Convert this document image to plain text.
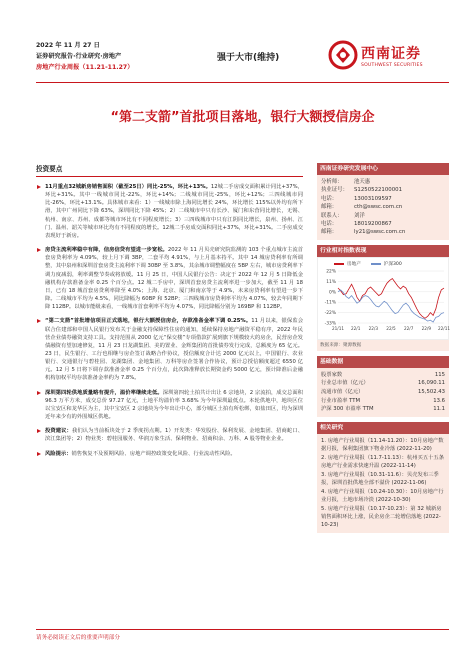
2022 年 11 月 27 日
证券研究报告·行业研究·房地产
房地产行业周报（11.21-11.27）
强于大市(维持)	西南证券
SOUTHWEST SECURITIES
“第二支箭”首批项目落地，银行大额授信房企
投资要点
11月重点32城新房销售面积（截至25日）同比-25%，环比+13%。12城二手房成交面积累计同比+37%，环比+31%。其中一线城市同比-22%，环比+14%；二线城市同比-25%，环比+12%；三四线城市同比-26%，环比+13.1%。具体城市来看：1）一线城市除上海同比增长 24%，环比增长 115%以外均有所下滑，其中广州同比下降 63%，深圳同比下降 45%；2）二线城市中只有长沙、厦门和东营同比增长，无锡、杭州、南京、苏州、成都等城市环比有不同程度增长；3）三四线城市中只有江阴同比增长，泉州、扬州、江门、温州、韶关等城市环比均有不同程度的增长。12城二手房成交面积同比+37%，环比+31%。二手房成交表现好于新房。
房贷主流利率稳中有降，信房信贷有望进一步宽松。2022 年 11 月贝壳研究院监测的 103 个重点城市主流首套房贷利率为 4.09%，较上月下调 3BP，二套平均 4.91%，与上月基本持平。其中 14 城房贷利率有所调整，其中泉州和深圳首套房贷主流利率下调 30BP 至 3.8%，其余城市调整幅度在 5BP 左右，城市房贷利率下调力度减弱，利率调整节奏或将放缓。11 月 25 日，中国人民银行公告：决定于 2022 年 12 月 5 日降低金融机构存款准备金率 0.25 个百分点。12 城二手房中，深圳首套房贷主流利率进一步加大，截至 11 月 18 日，已有 18 城首套房贷利率降至 4.0%；上海、北京、厦门和南京等于 4.9%，未来房贷利率有望进一步下降。二线城市平均为 4.5%，同比降幅为 60BP 和 52BP；三四线城市房贷利率平均为 4.07%，较去年同期下降 112BP。以城市能级来看，一线城市首套利率平均为 4.07%，同比降幅分别为 169BP 和 112BP。
“第二支箭”首批增信项目正式落地，银行大额授信房企，存款准备金率下调 0.25%。11 月以来，银保监会联合住建部和中国人民银行发布关于金融支持保障性住房的通知，延续保持房地产融资平稳有序，2022 年民营企业债券融资支持工具。支持范围从 2000 亿元“保交楼”专项借款扩展到旗下规模较大的房企，民营房企发债融资有望加速修复，11 月 23 日龙湖集团、美的置业、金辉集团的首批债券发行完成，总额度为 65 亿元。23 日，民生银行、工行也相继与房企签订战略合作协议，授信额度合计达 2000 亿元以上，中国银行、农业银行、交通银行与碧桂园、龙湖集团、金地集团、万科等房企签署合作协议，预计总授信额度超过 6550 亿元。12 月 5 日将下调存款准备金率 0.25 个百分点，此次降准释放长期资金约 5000 亿元，预计降准后金融机构加权平均存款准备金率约为 7.8%。
深圳第四轮供地质量略有提升，溢价率继续走低。深圳第四轮土拍共计出让 6 宗地块，2 宗流拍，成交总面积 96.3 万平方米，成交总价 97.27 亿元，土地平均溢价率 3.68% 为今年深圳最低点。本轮供地中，地块区位以宝安区和龙华区为主，其中宝安区 2 宗地块为今年出让中心，部分城区土拍有所松绑，如盐田区，均为深圳近年来少有的外围城区供地。
投资建议：我们认为当前板块处于 2 季度拐点期。1）开发类：华发股份、保利发展、金地集团、招商蛇口、滨江集团等；2）物业类：碧桂园服务、华润万象生活、保利物业、招商积余、万科、A 股等物业企业。
风险提示：销售恢复不及预期风险、房地产调控政策变化风险、行业流动性风险。
西南证券研究发展中心
分析师：	池天惠
执业证号：	S1250522100001
电话：	13003109597
邮箱：	cth@swsc.com.cn
联系人：	刘洋
电话：	18019200867
邮箱：	ly21@swsc.com.cn
行业相对指数表现
房地产	沪深300
22%
11%
0%
-11%
-22%
-33%
21/11 22/1 22/3 22/5 22/7 22/9 22/11
数据来源：聚源数据
基础数据
股票家数	115
行业总市值（亿元）	16,090.11
流通市值（亿元）	15,502.43
行业市盈率 TTM	13.6
沪深 300 市盈率 TTM	11.1
相关研究
1. 房地产行业周报（11.14-11.20）：10月房地产数据月报，保利集团旗下物业冷落 (2022-11-20)
2. 房地产行业周报（11.7-11.13）：杭州买五十五条房地产行业需求快速升温 (2022-11-14)
3. 房地产行业周报（10.31-11.6）：贝壳发布三季报，深圳首批供地全部不溢价 (2022-11-06)
4. 房地产行业周报（10.24-10.30）：10月房地产行业月报，土地市场冷淡 (2022-10-30)
5. 房地产行业周报（10.17-10.23）：第 32 城新房销售面积环比上涨，民企房企二轮增信落地 (2022-10-23)
请务必阅读正文后的重要声明部分
